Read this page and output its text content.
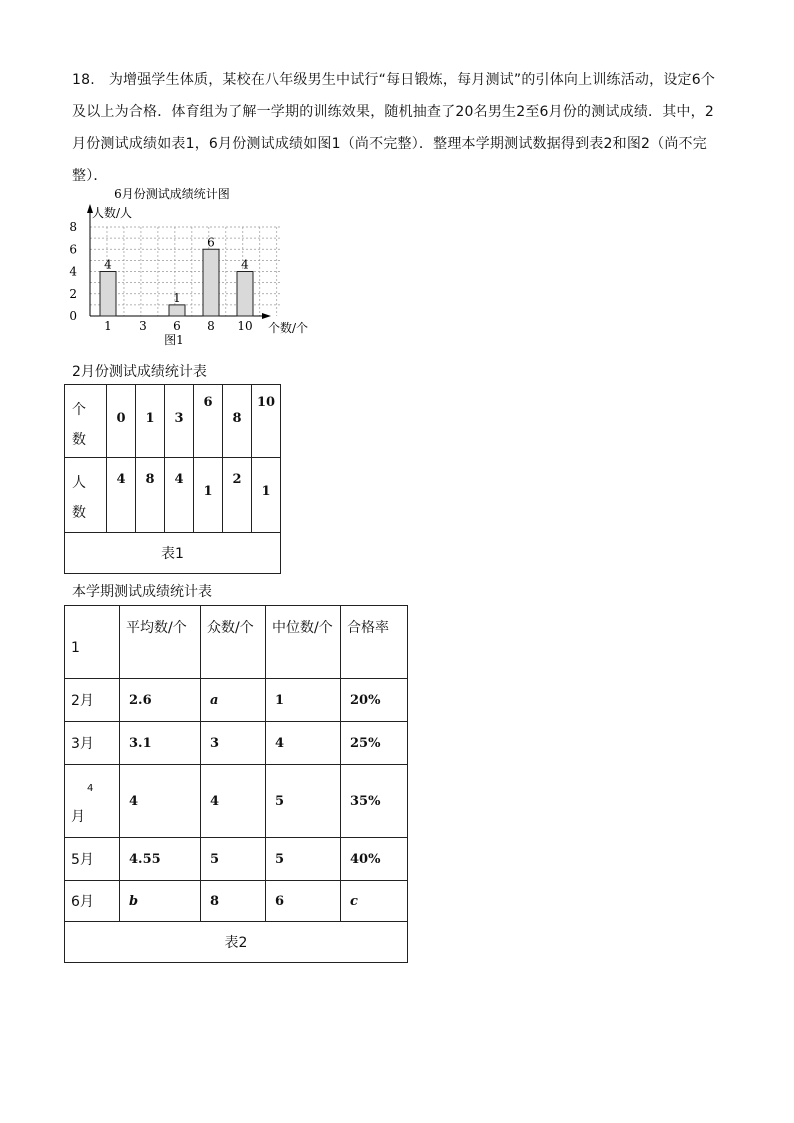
18. 为增强学生体质，某校在八年级男生中试行“每日锻炼，每月测试”的引体向上训练活动，设定6个及以上为合格．体育组为了解一学期的训练效果，随机抽查了20名男生2至6月份的测试成绩．其中，2月份测试成绩如表1，6月份测试成绩如图1（尚不完整）．整理本学期测试数据得到表2和图2（尚不完整）．

6月份测试成绩统计图
0
2
4
6
8
4
1
6
4
1 3 6 8 10
人数/人
个数/个
图1
2月份测试成绩统计表
个
数	0	1	3	6	8	10
人
数	4	8	4	1	2	1
表1						
本学期测试成绩统计表
1	平均数/个	众数/个	中位数/个	合格率
2月	2.6	a	1	20%
3月	3.1	3	4	25%
4
月	4	4	5	35%
5月	4.55	5	5	40%
6月	b	8	6	c
表2				
